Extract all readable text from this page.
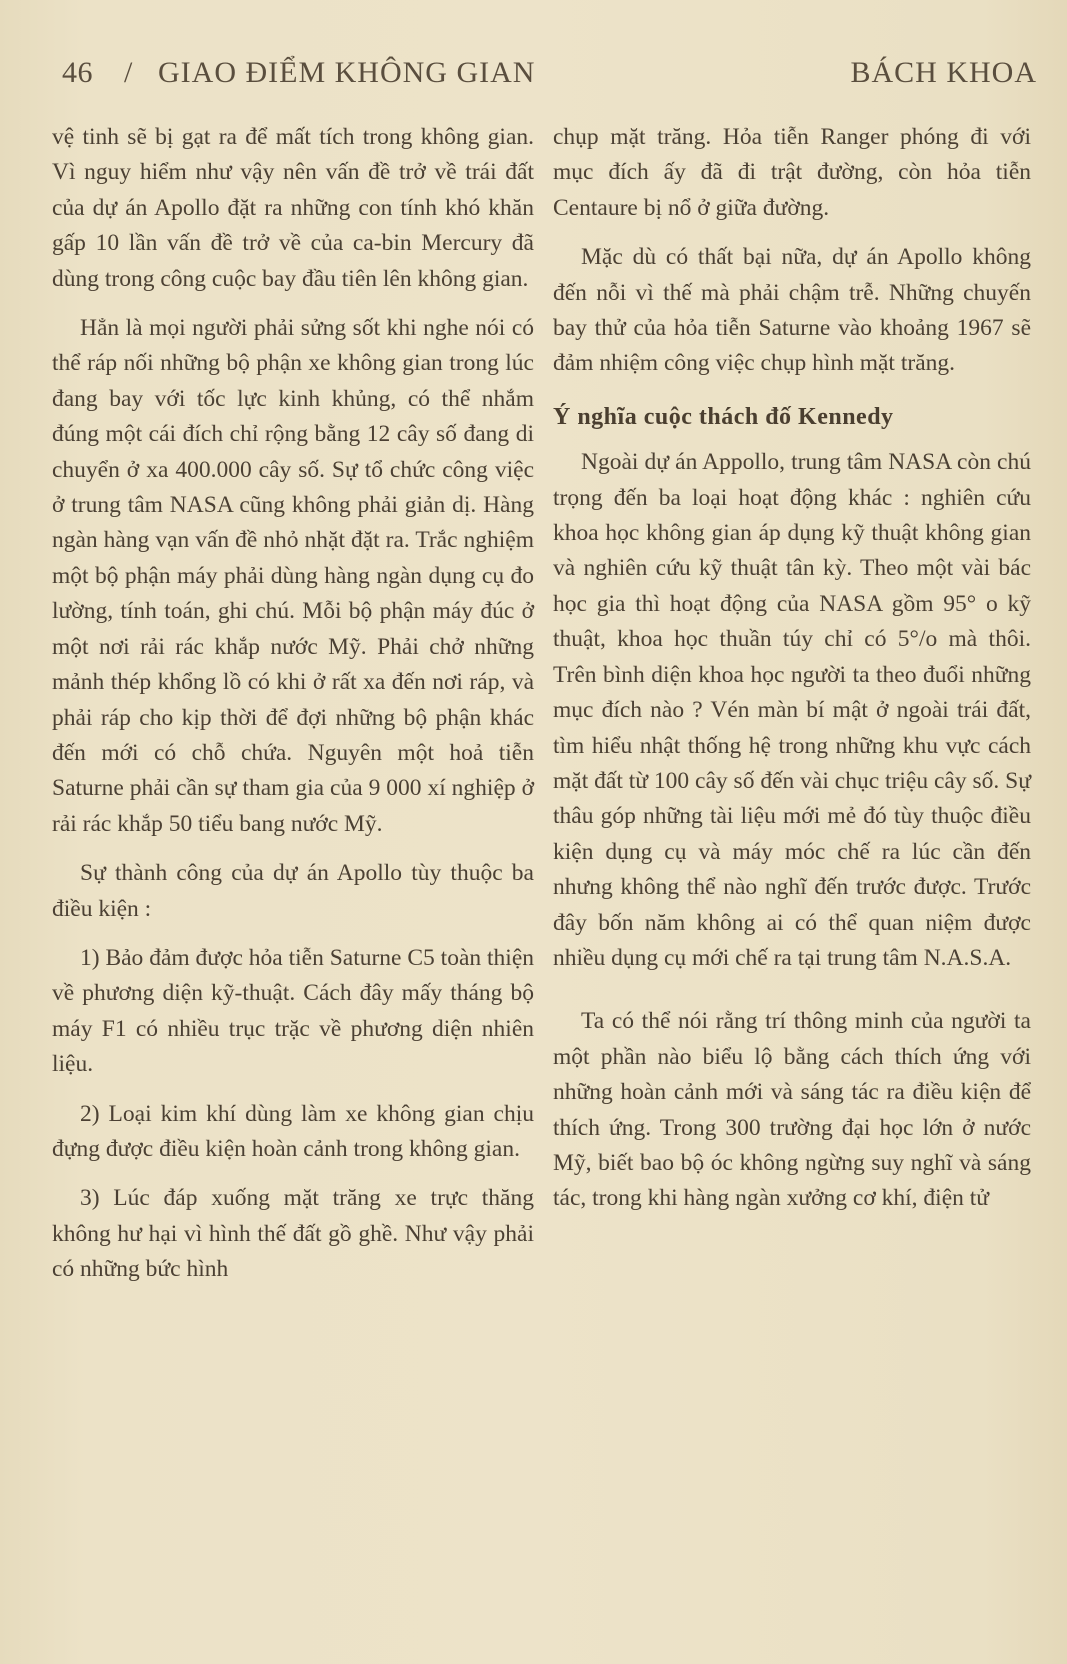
46 / GIAO ĐIỂM KHÔNG GIAN	BÁCH KHOA

vệ tinh sẽ bị gạt ra để mất tích trong không gian. Vì nguy hiểm như vậy nên vấn đề trở về trái đất của dự án Apollo đặt ra những con tính khó khăn gấp 10 lần vấn đề trở về của ca-bin Mercury đã dùng trong công cuộc bay đầu tiên lên không gian.

Hẳn là mọi người phải sửng sốt khi nghe nói có thể ráp nối những bộ phận xe không gian trong lúc đang bay với tốc lực kinh khủng, có thể nhắm đúng một cái đích chỉ rộng bằng 12 cây số đang di chuyển ở xa 400.000 cây số. Sự tổ chức công việc ở trung tâm NASA cũng không phải giản dị. Hàng ngàn hàng vạn vấn đề nhỏ nhặt đặt ra. Trắc nghiệm một bộ phận máy phải dùng hàng ngàn dụng cụ đo lường, tính toán, ghi chú. Mỗi bộ phận máy đúc ở một nơi rải rác khắp nước Mỹ. Phải chở những mảnh thép khổng lồ có khi ở rất xa đến nơi ráp, và phải ráp cho kịp thời để đợi những bộ phận khác đến mới có chỗ chứa. Nguyên một hoả tiễn Saturne phải cần sự tham gia của 9 000 xí nghiệp ở rải rác khắp 50 tiểu bang nước Mỹ.

Sự thành công của dự án Apollo tùy thuộc ba điều kiện :

1) Bảo đảm được hỏa tiễn Saturne C5 toàn thiện về phương diện kỹ-thuật. Cách đây mấy tháng bộ máy F1 có nhiều trục trặc về phương diện nhiên liệu.

2) Loại kim khí dùng làm xe không gian chịu đựng được điều kiện hoàn cảnh trong không gian.

3) Lúc đáp xuống mặt trăng xe trực thăng không hư hại vì hình thế đất gồ ghề. Như vậy phải có những bức hình

chụp mặt trăng. Hỏa tiễn Ranger phóng đi với mục đích ấy đã đi trật đường, còn hỏa tiễn Centaure bị nổ ở giữa đường.

Mặc dù có thất bại nữa, dự án Apollo không đến nỗi vì thế mà phải chậm trễ. Những chuyến bay thử của hỏa tiễn Saturne vào khoảng 1967 sẽ đảm nhiệm công việc chụp hình mặt trăng.

Ý nghĩa cuộc thách đố Kennedy

Ngoài dự án Appollo, trung tâm NASA còn chú trọng đến ba loại hoạt động khác : nghiên cứu khoa học không gian áp dụng kỹ thuật không gian và nghiên cứu kỹ thuật tân kỳ. Theo một vài bác học gia thì hoạt động của NASA gồm 95° o kỹ thuật, khoa học thuần túy chỉ có 5°/o mà thôi. Trên bình diện khoa học người ta theo đuổi những mục đích nào ? Vén màn bí mật ở ngoài trái đất, tìm hiểu nhật thống hệ trong những khu vực cách mặt đất từ 100 cây số đến vài chục triệu cây số. Sự thâu góp những tài liệu mới mẻ đó tùy thuộc điều kiện dụng cụ và máy móc chế ra lúc cần đến nhưng không thể nào nghĩ đến trước được. Trước đây bốn năm không ai có thể quan niệm được nhiều dụng cụ mới chế ra tại trung tâm N.A.S.A.

Ta có thể nói rằng trí thông minh của người ta một phần nào biểu lộ bằng cách thích ứng với những hoàn cảnh mới và sáng tác ra điều kiện để thích ứng. Trong 300 trường đại học lớn ở nước Mỹ, biết bao bộ óc không ngừng suy nghĩ và sáng tác, trong khi hàng ngàn xưởng cơ khí, điện tử
